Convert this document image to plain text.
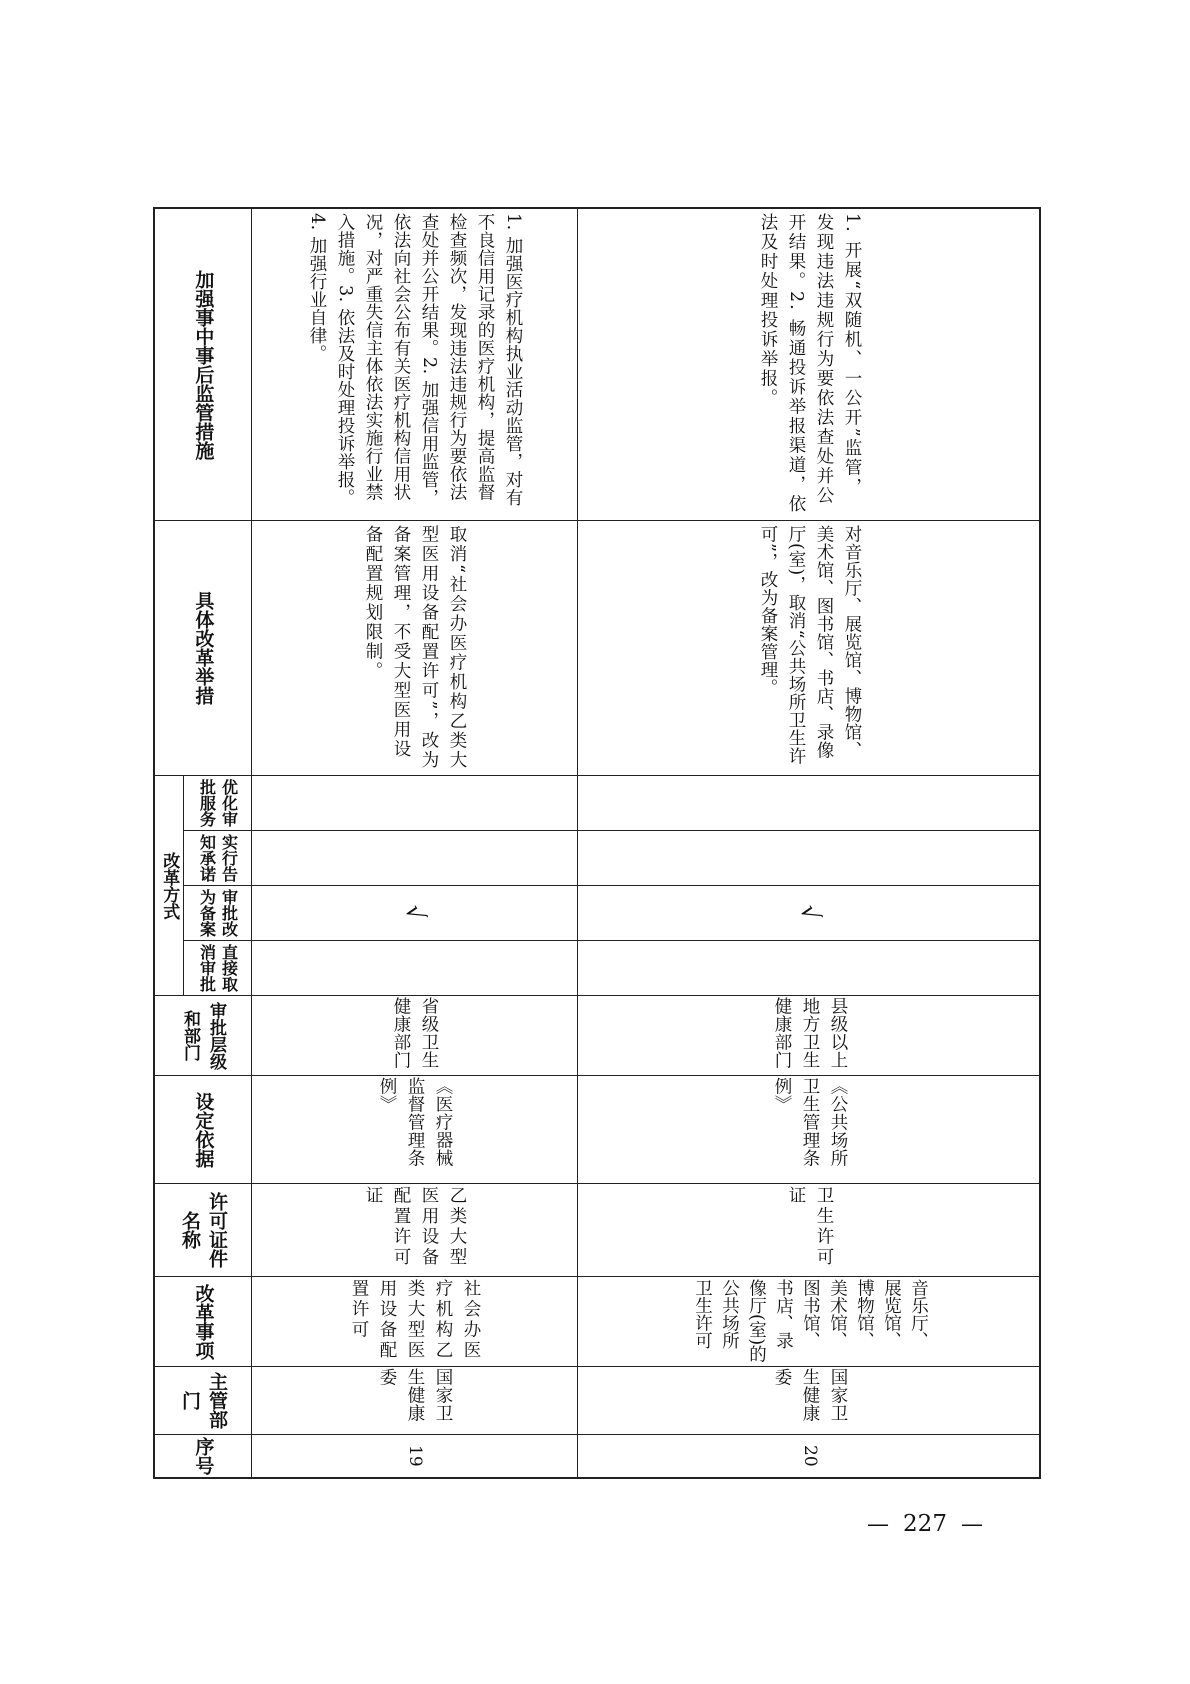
加强事中事后监管措施
具体改革举措
改革方式
优化审批服务
实行告知承诺
审批改为备案
直接取消审批
审批层级和部门
设定依据
许可证件名称
改革事项
主管部门
序号
1. 加强医疗机构执业活动监管，对有不良信用记录的医疗机构，提高监督检查频次，发现违法违规行为要依法查处并公开结果。2. 加强信用监管，依法向社会公布有关医疗机构信用状况，对严重失信主体依法实施行业禁入措施。3. 依法及时处理投诉举报。4. 加强行业自律。
取消“社会办医疗机构乙类大型医用设备配置许可”，改为备案管理，不受大型医用设备配置规划限制。
√
省级卫生健康部门
《医疗器械监督管理条例》
乙类大型医用设备配置许可证
社会办医疗机构乙类大型医用设备配置许可
国家卫生健康委
19
1. 开展“双随机、一公开”监管，发现违法违规行为要依法查处并公开结果。2. 畅通投诉举报渠道，依法及时处理投诉举报。
对音乐厅、展览馆、博物馆、美术馆、图书馆、书店、录像厅(室)，取消“公共场所卫生许可”，改为备案管理。
√
县级以上地方卫生健康部门
《公共场所卫生管理条例》
卫生许可证
音乐厅、展览馆、博物馆、美术馆、图书馆、书店、录像厅(室)的公共场所卫生许可
国家卫生健康委
20
— 227 —
